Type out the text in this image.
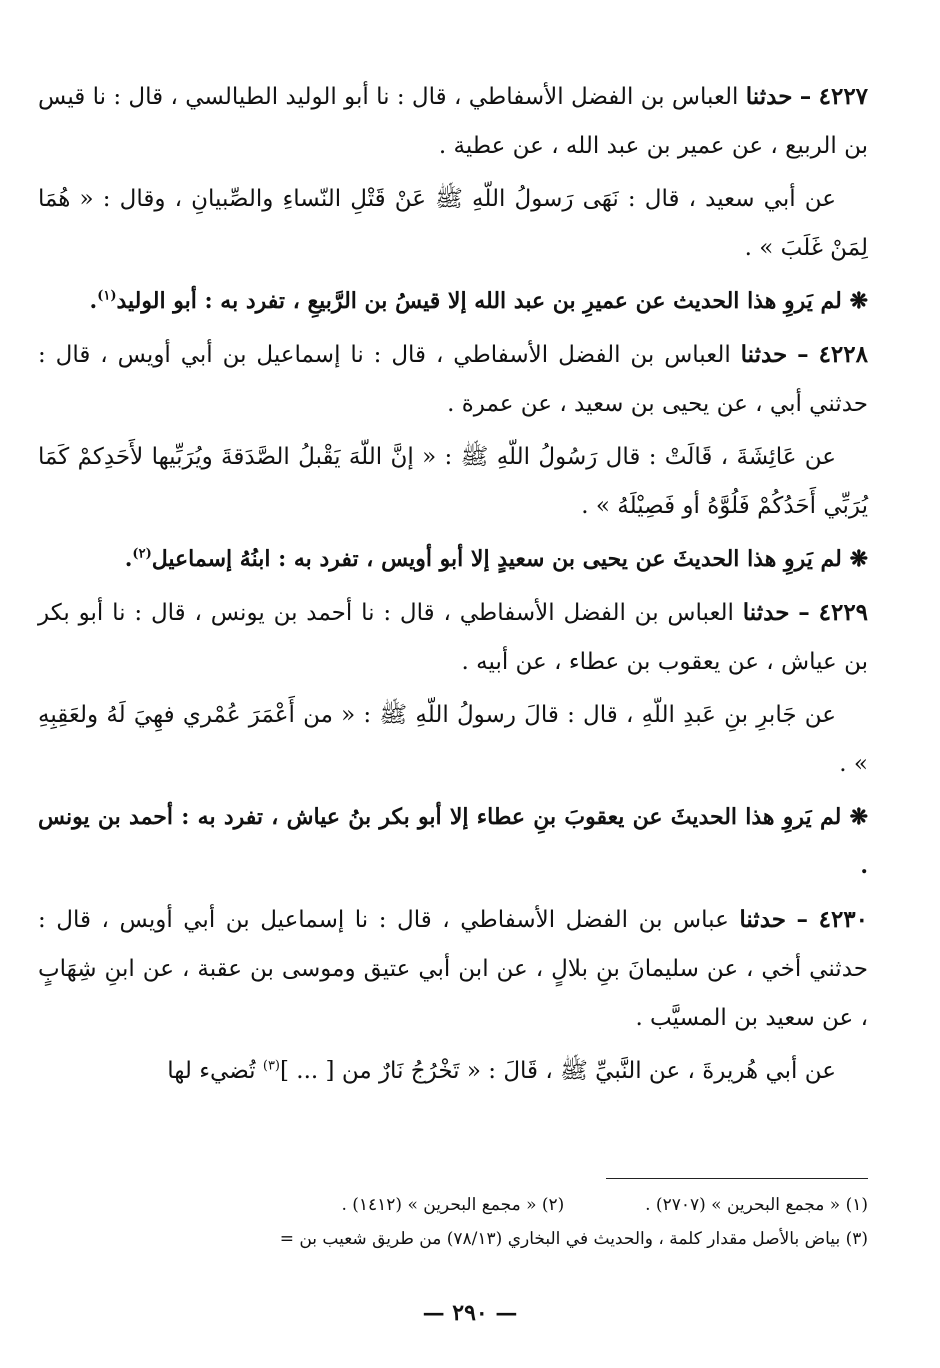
٤٢٢٧ – حدثنا العباس بن الفضل الأسفاطي ، قال : نا أبو الوليد الطيالسي ، قال : نا قيس بن الربيع ، عن عمير بن عبد الله ، عن عطية .

عن أبي سعيد ، قال : نَهَى رَسولُ اللّهِ ﷺ عَنْ قَتْلِ النّساءِ والصِّبيانِ ، وقال : « هُمَا لِمَنْ غَلَبَ » .

❋ لم يَروِ هذا الحديث عن عميرِ بن عبد الله إلا قيسُ بن الرَّبيعِ ، تفرد به : أبو الوليد$^{(١)}$.

٤٢٢٨ – حدثنا العباس بن الفضل الأسفاطي ، قال : نا إسماعيل بن أبي أويس ، قال : حدثني أبي ، عن يحيى بن سعيد ، عن عمرة .

عن عَائِشَةَ ، قَالَتْ : قال رَسُولُ اللّهِ ﷺ : « إنَّ اللّهَ يَقْبلُ الصَّدَقةَ ويُرَبِّيها لأَحَدِكمْ كَمَا يُرَبِّي أَحَدُكُمْ فَلُوَّهُ أو فَصِيْلَهُ » .

❋ لم يَروِ هذا الحديثَ عن يحيى بن سعيدٍ إلا أبو أويس ، تفرد به : ابنُهُ إسماعيل$^{(٢)}$.

٤٢٢٩ – حدثنا العباس بن الفضل الأسفاطي ، قال : نا أحمد بن يونس ، قال : نا أبو بكر بن عياش ، عن يعقوب بن عطاء ، عن أبيه .

عن جَابرِ بنِ عَبدِ اللّهِ ، قال : قالَ رسولُ اللّهِ ﷺ : « من أَعْمَرَ عُمْري فهِيَ لَهُ ولعَقِبِهِ » .

❋ لم يَروِ هذا الحديثَ عن يعقوبَ بنِ عطاء إلا أبو بكر بنُ عياش ، تفرد به : أحمد بن يونس .

٤٢٣٠ – حدثنا عباس بن الفضل الأسفاطي ، قال : نا إسماعيل بن أبي أويس ، قال : حدثني أخي ، عن سليمانَ بنِ بلالٍ ، عن ابن أبي عتيق وموسى بن عقبة ، عن ابنِ شِهَابٍ ، عن سعيد بن المسيَّب .

عن أبي هُريرةَ ، عن النَّبيِّ ﷺ ، قَالَ : « تَخْرُجُ نَارٌ من [ ... ]$^{(٣)}$ تُضيء لها

(١) « مجمع البحرين » (٢٧٠٧) .  (٢) « مجمع البحرين » (١٤١٢) .
(٣) بياض بالأصل مقدار كلمة ، والحديث في البخاري (٧٨/١٣) من طريق شعيب بن =
— ٢٩٠ —
